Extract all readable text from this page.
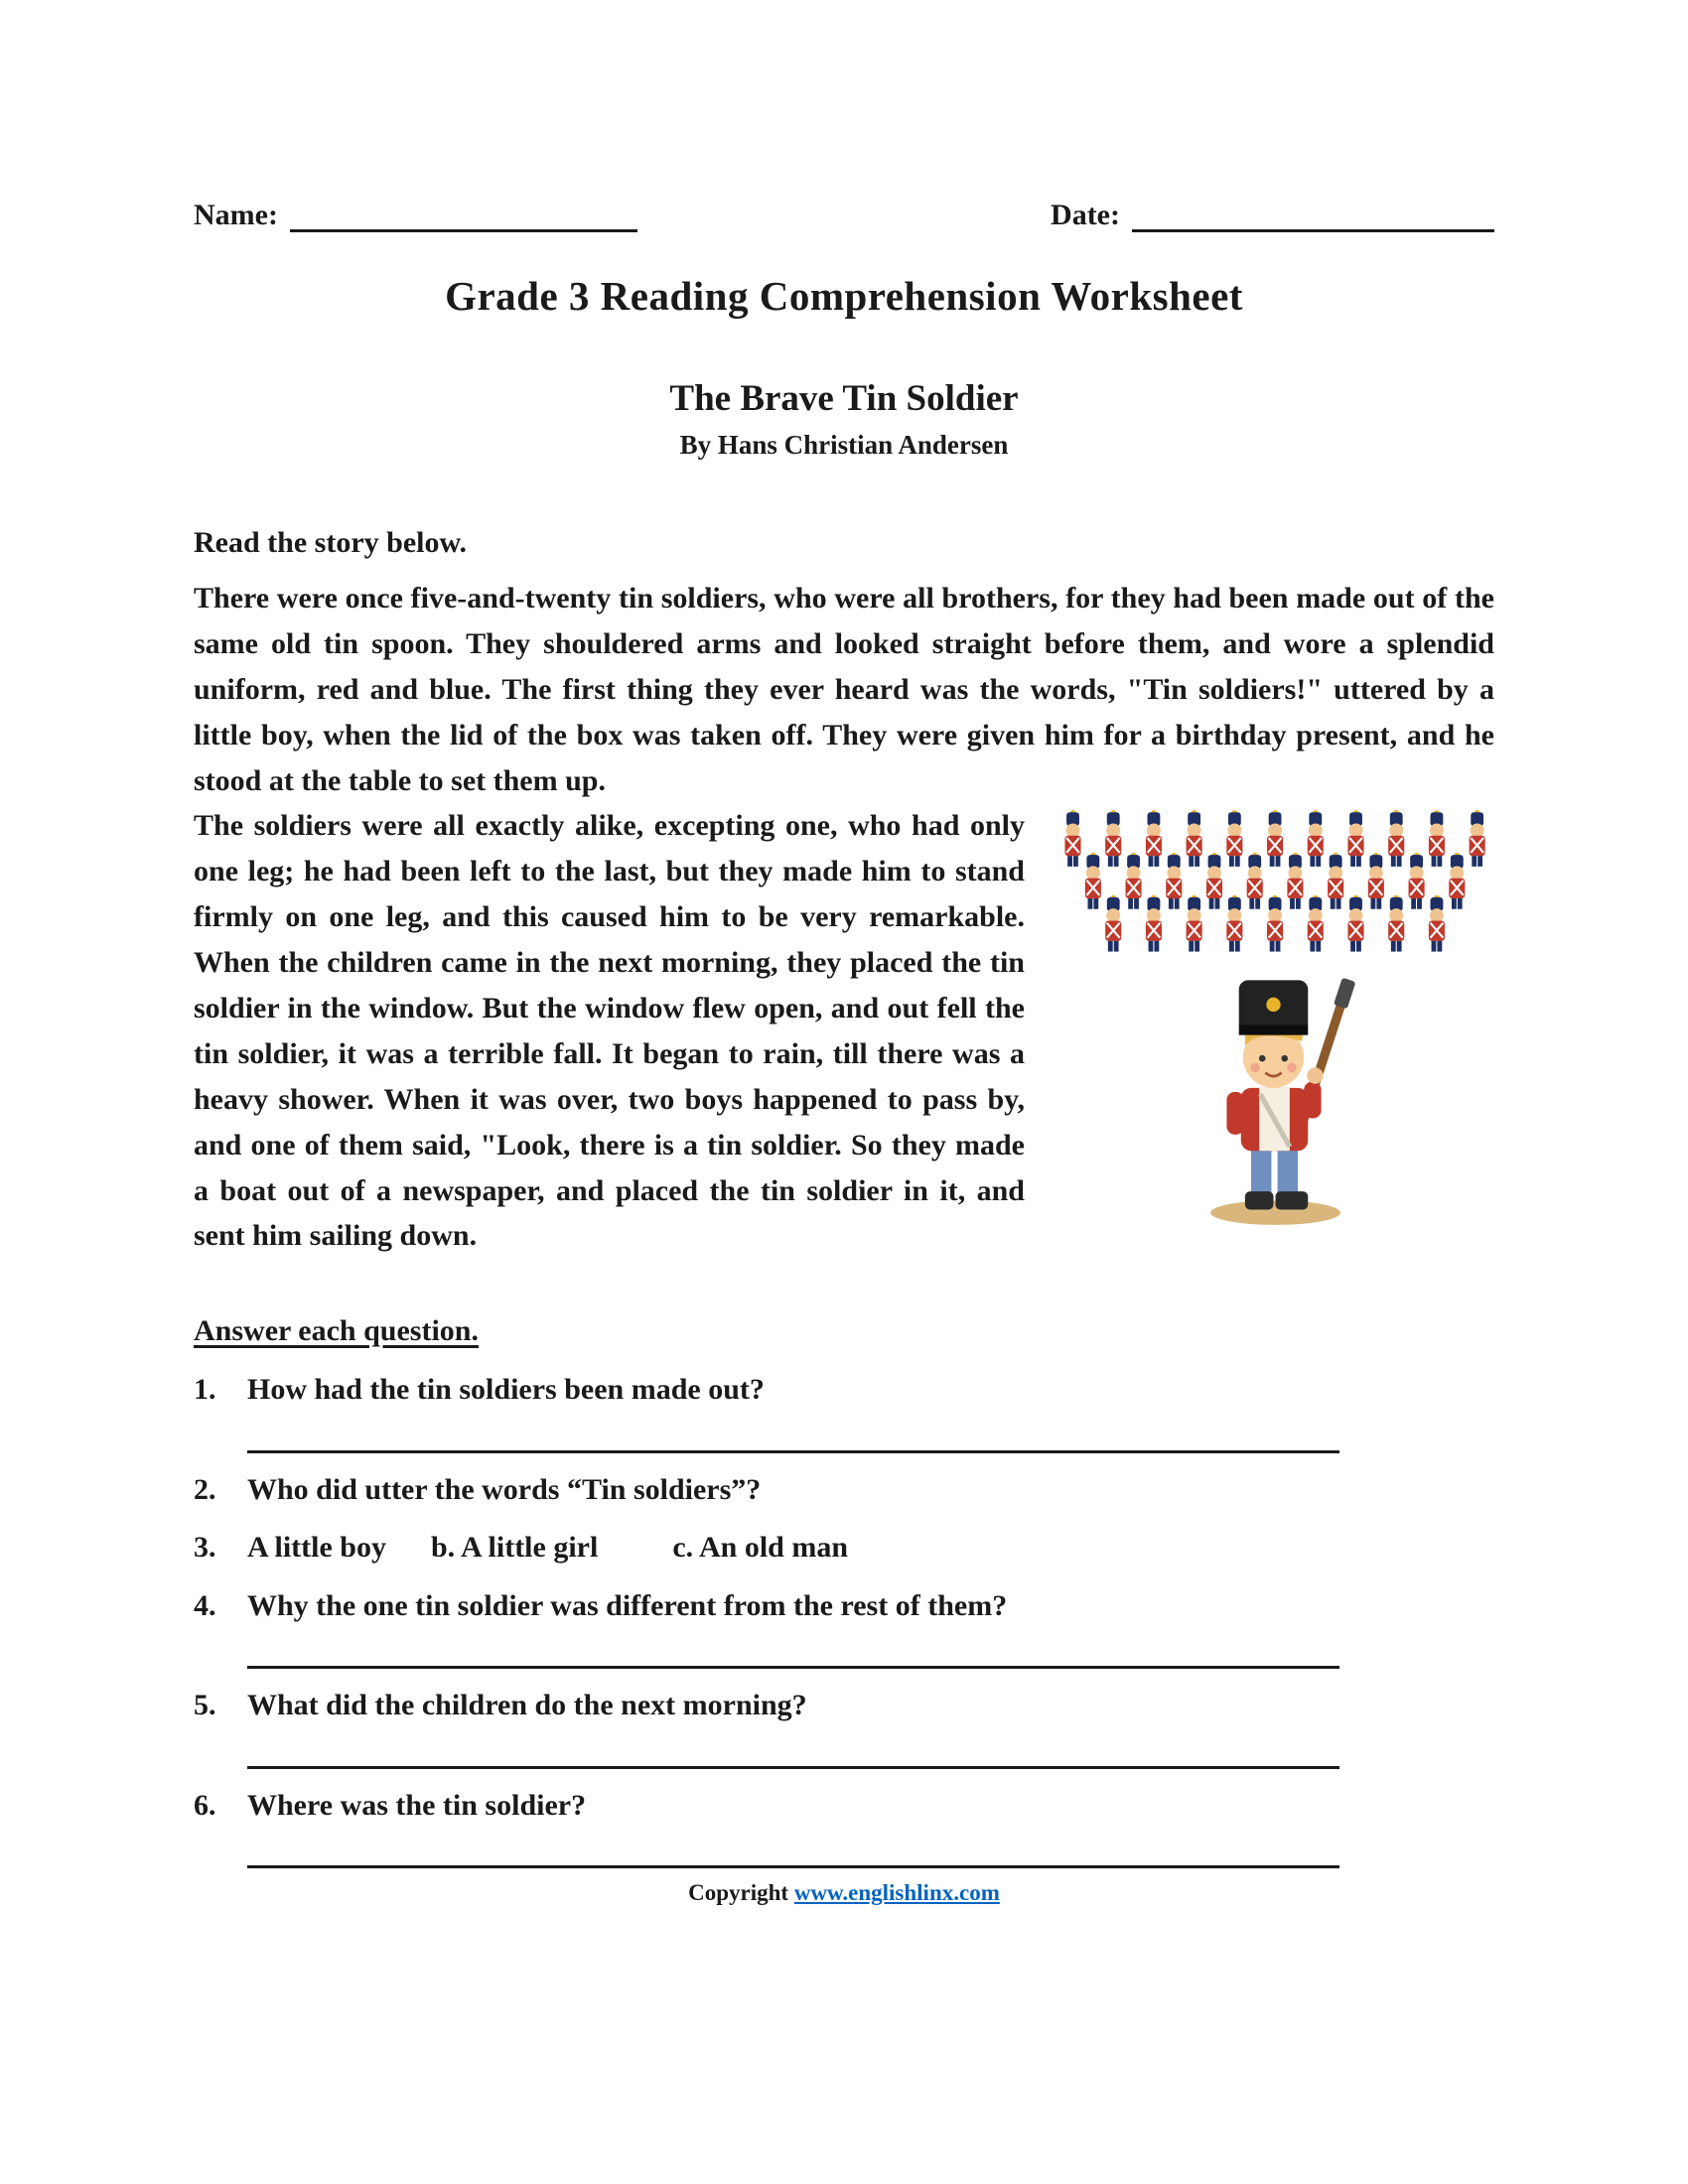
Name:	Date:
Grade 3 Reading Comprehension Worksheet
The Brave Tin Soldier
By Hans Christian Andersen

Read the story below.

There were once five-and-twenty tin soldiers, who were all brothers, for they had been made out of the same old tin spoon. They shouldered arms and looked straight before them, and wore a splendid uniform, red and blue. The first thing they ever heard was the words, "Tin soldiers!" uttered by a little boy, when the lid of the box was taken off. They were given him for a birthday present, and he stood at the table to set them up.

The soldiers were all exactly alike, excepting one, who had only one leg; he had been left to the last, but they made him to stand firmly on one leg, and this caused him to be very remarkable. When the children came in the next morning, they placed the tin soldier in the window. But the window flew open, and out fell the tin soldier, it was a terrible fall. It began to rain, till there was a heavy shower. When it was over, two boys happened to pass by, and one of them said, "Look, there is a tin soldier. So they made a boat out of a newspaper, and placed the tin soldier in it, and sent him sailing down.

Answer each question.

1.	How had the tin soldiers been made out?
2.	Who did utter the words “Tin soldiers”?
3.	A little boy      b. A little girl          c. An old man
4.	Why the one tin soldier was different from the rest of them?
5.	What did the children do the next morning?
6.	Where was the tin soldier?
Copyright www.englishlinx.com
